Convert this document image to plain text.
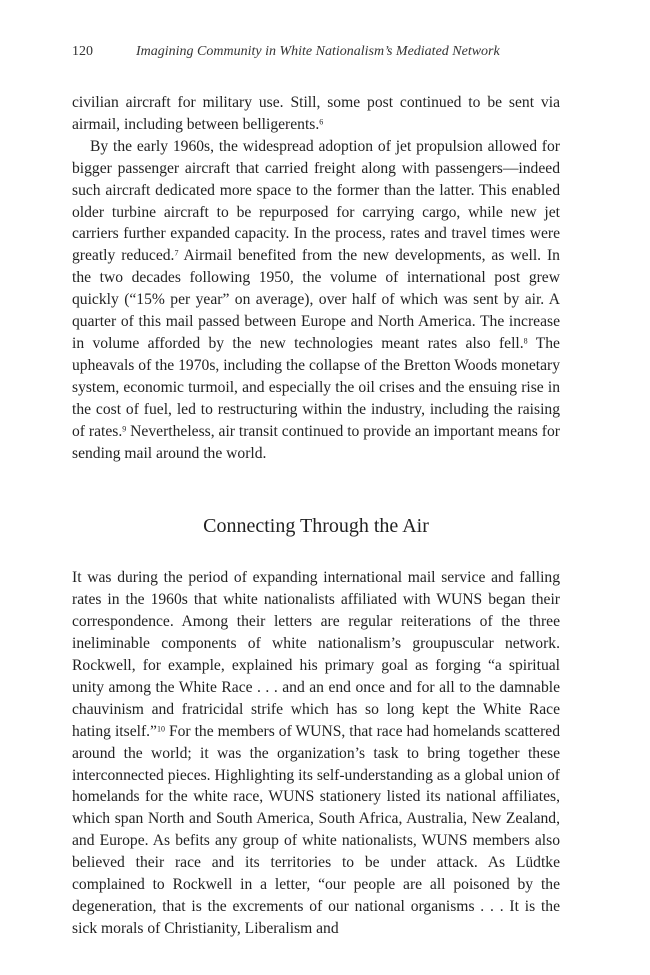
120	Imagining Community in White Nationalism’s Mediated Network

civilian aircraft for military use. Still, some post continued to be sent via airmail, including between belligerents.$^6$

By the early 1960s, the widespread adoption of jet propulsion allowed for bigger passenger aircraft that carried freight along with passengers—indeed such aircraft dedicated more space to the former than the latter. This enabled older turbine aircraft to be repurposed for carrying cargo, while new jet carriers further expanded capacity. In the process, rates and travel times were greatly reduced.$^7$ Airmail benefited from the new developments, as well. In the two decades following 1950, the volume of international post grew quickly (“15% per year” on average), over half of which was sent by air. A quarter of this mail passed between Europe and North America. The increase in volume afforded by the new technologies meant rates also fell.$^8$ The upheavals of the 1970s, including the collapse of the Bretton Woods monetary system, economic turmoil, and especially the oil crises and the ensuing rise in the cost of fuel, led to restructuring within the industry, including the raising of rates.$^9$ Nevertheless, air transit continued to provide an important means for sending mail around the world.

Connecting Through the Air

It was during the period of expanding international mail service and falling rates in the 1960s that white nationalists affiliated with WUNS began their correspondence. Among their letters are regular reiterations of the three ineliminable components of white nationalism’s groupuscular network. Rockwell, for example, explained his primary goal as forging “a spiritual unity among the White Race . . . and an end once and for all to the damnable chauvinism and fratricidal strife which has so long kept the White Race hating itself.”$^{10}$ For the members of WUNS, that race had homelands scattered around the world; it was the organization’s task to bring together these interconnected pieces. Highlighting its self-understanding as a global union of homelands for the white race, WUNS stationery listed its national affiliates, which span North and South America, South Africa, Australia, New Zealand, and Europe. As befits any group of white nationalists, WUNS members also believed their race and its territories to be under attack. As Lüdtke complained to Rockwell in a letter, “our people are all poisoned by the degeneration, that is the excrements of our national organisms . . . It is the sick morals of Christianity, Liberalism and
